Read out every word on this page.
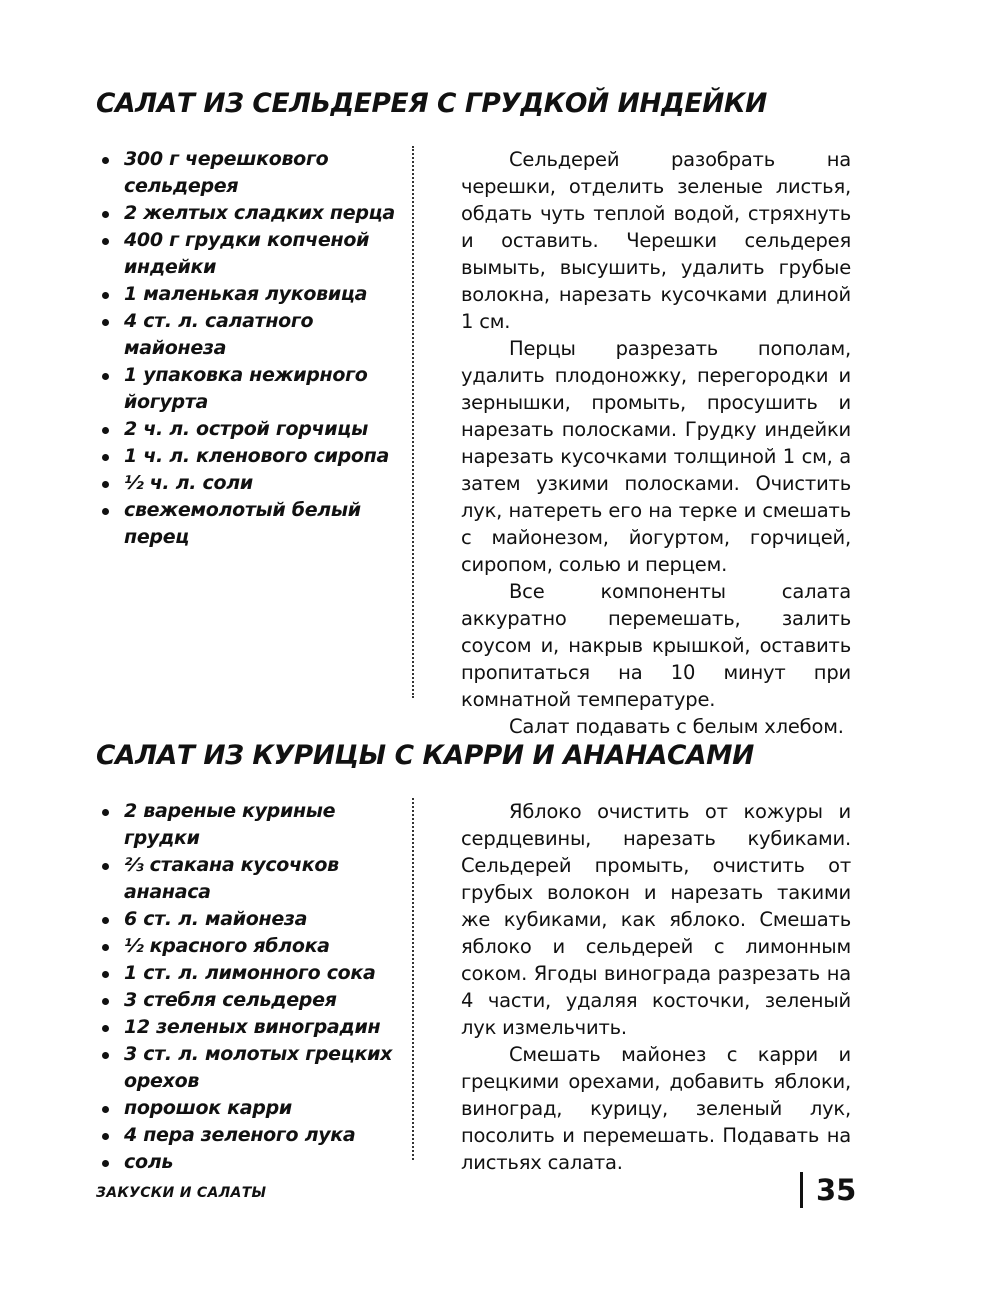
САЛАТ ИЗ СЕЛЬДЕРЕЯ С ГРУДКОЙ ИНДЕЙКИ
300 г черешкового сельдерея
2 желтых сладких перца
400 г грудки копченой индейки
1 маленькая луковица
4 ст. л. салатного майонеза
1 упаковка нежирного йогурта
2 ч. л. острой горчицы
1 ч. л. кленового сиропа
½ ч. л. соли
свежемолотый белый перец

Сельдерей разобрать на черешки, отделить зеленые листья, обдать чуть теплой водой, стряхнуть и оставить. Черешки сельдерея вымыть, высушить, удалить грубые волокна, нарезать кусочками длиной 1 см.

Перцы разрезать пополам, удалить плодоножку, перегородки и зернышки, промыть, просушить и нарезать полосками. Грудку индейки нарезать кусочками толщиной 1 см, а затем узкими полосками. Очистить лук, натереть его на терке и смешать с майонезом, йогуртом, горчицей, сиропом, солью и перцем.

Все компоненты салата аккуратно перемешать, залить соусом и, накрыв крышкой, оставить пропитаться на 10 минут при комнатной температуре.

Салат подавать с белым хлебом.

САЛАТ ИЗ КУРИЦЫ С КАРРИ И АНАНАСАМИ
2 вареные куриные грудки
⅔ стакана кусочков ананаса
6 ст. л. майонеза
½ красного яблока
1 ст. л. лимонного сока
3 стебля сельдерея
12 зеленых виноградин
3 ст. л. молотых грецких орехов
порошок карри
4 пера зеленого лука
соль

Яблоко очистить от кожуры и сердцевины, нарезать кубиками. Сельдерей промыть, очистить от грубых волокон и нарезать такими же кубиками, как яблоко. Смешать яблоко и сельдерей с лимонным соком. Ягоды винограда разрезать на 4 части, удаляя косточки, зеленый лук измельчить.

Смешать майонез с карри и грецкими орехами, добавить яблоки, виноград, курицу, зеленый лук, посолить и перемешать. Подавать на листьях салата.

ЗАКУСКИ И САЛАТЫ	35
